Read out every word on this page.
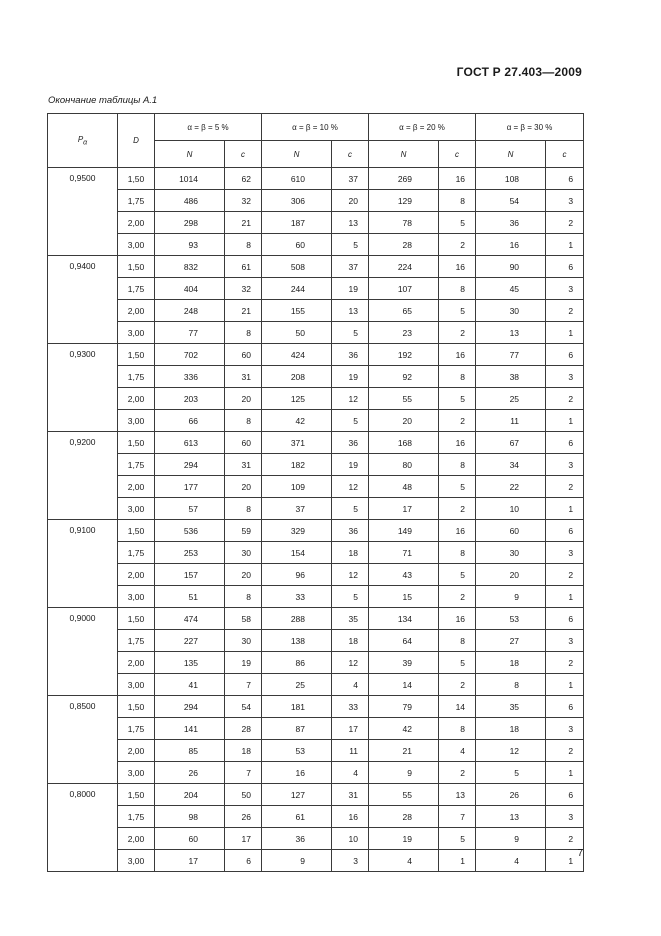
ГОСТ Р 27.403—2009
Окончание таблицы А.1
$P_\alpha$	D	α = β = 5 %		α = β = 10 %		α = β = 20 %		α = β = 30 %	
		N	c	N	c	N	c	N	c
0,9500	1,50	1014	62	610	37	269	16	108	6
	1,75	486	32	306	20	129	8	54	3
	2,00	298	21	187	13	78	5	36	2
	3,00	93	8	60	5	28	2	16	1
0,9400	1,50	832	61	508	37	224	16	90	6
	1,75	404	32	244	19	107	8	45	3
	2,00	248	21	155	13	65	5	30	2
	3,00	77	8	50	5	23	2	13	1
0,9300	1,50	702	60	424	36	192	16	77	6
	1,75	336	31	208	19	92	8	38	3
	2,00	203	20	125	12	55	5	25	2
	3,00	66	8	42	5	20	2	11	1
0,9200	1,50	613	60	371	36	168	16	67	6
	1,75	294	31	182	19	80	8	34	3
	2,00	177	20	109	12	48	5	22	2
	3,00	57	8	37	5	17	2	10	1
0,9100	1,50	536	59	329	36	149	16	60	6
	1,75	253	30	154	18	71	8	30	3
	2,00	157	20	96	12	43	5	20	2
	3,00	51	8	33	5	15	2	9	1
0,9000	1,50	474	58	288	35	134	16	53	6
	1,75	227	30	138	18	64	8	27	3
	2,00	135	19	86	12	39	5	18	2
	3,00	41	7	25	4	14	2	8	1
0,8500	1,50	294	54	181	33	79	14	35	6
	1,75	141	28	87	17	42	8	18	3
	2,00	85	18	53	11	21	4	12	2
	3,00	26	7	16	4	9	2	5	1
0,8000	1,50	204	50	127	31	55	13	26	6
	1,75	98	26	61	16	28	7	13	3
	2,00	60	17	36	10	19	5	9	2
	3,00	17	6	9	3	4	1	4	1
7
